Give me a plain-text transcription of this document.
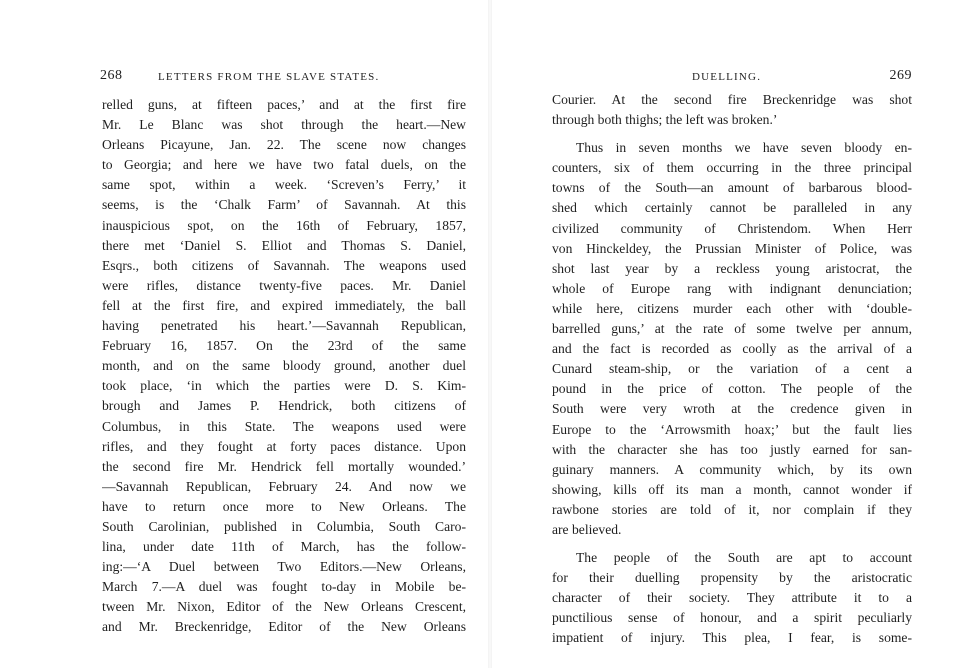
268	LETTERS FROM THE SLAVE STATES.
relled guns, at fifteen paces,’ and at the first fire
Mr. Le Blanc was shot through the heart.—New
Orleans Picayune, Jan. 22. The scene now changes
to Georgia; and here we have two fatal duels, on the
same spot, within a week. ‘Screven’s Ferry,’ it
seems, is the ‘Chalk Farm’ of Savannah. At this
inauspicious spot, on the 16th of February, 1857,
there met ‘Daniel S. Elliot and Thomas S. Daniel,
Esqrs., both citizens of Savannah. The weapons used
were rifles, distance twenty-five paces. Mr. Daniel
fell at the first fire, and expired immediately, the ball
having penetrated his heart.’—Savannah Republican,
February 16, 1857. On the 23rd of the same
month, and on the same bloody ground, another duel
took place, ‘in which the parties were D. S. Kim-
brough and James P. Hendrick, both citizens of
Columbus, in this State. The weapons used were
rifles, and they fought at forty paces distance. Upon
the second fire Mr. Hendrick fell mortally wounded.’
—Savannah Republican, February 24. And now we
have to return once more to New Orleans. The
South Carolinian, published in Columbia, South Caro-
lina, under date 11th of March, has the follow-
ing:—‘A Duel between Two Editors.—New Orleans,
March 7.—A duel was fought to-day in Mobile be-
tween Mr. Nixon, Editor of the New Orleans Crescent,
and Mr. Breckenridge, Editor of the New Orleans
DUELLING.	269
Courier. At the second fire Breckenridge was shot
through both thighs; the left was broken.’
Thus in seven months we have seven bloody en-
counters, six of them occurring in the three principal
towns of the South—an amount of barbarous blood-
shed which certainly cannot be paralleled in any
civilized community of Christendom. When Herr
von Hinckeldey, the Prussian Minister of Police, was
shot last year by a reckless young aristocrat, the
whole of Europe rang with indignant denunciation;
while here, citizens murder each other with ‘double-
barrelled guns,’ at the rate of some twelve per annum,
and the fact is recorded as coolly as the arrival of a
Cunard steam-ship, or the variation of a cent a
pound in the price of cotton. The people of the
South were very wroth at the credence given in
Europe to the ‘Arrowsmith hoax;’ but the fault lies
with the character she has too justly earned for san-
guinary manners. A community which, by its own
showing, kills off its man a month, cannot wonder if
rawbone stories are told of it, nor complain if they
are believed.
The people of the South are apt to account
for their duelling propensity by the aristocratic
character of their society. They attribute it to a
punctilious sense of honour, and a spirit peculiarly
impatient of injury. This plea, I fear, is some-
